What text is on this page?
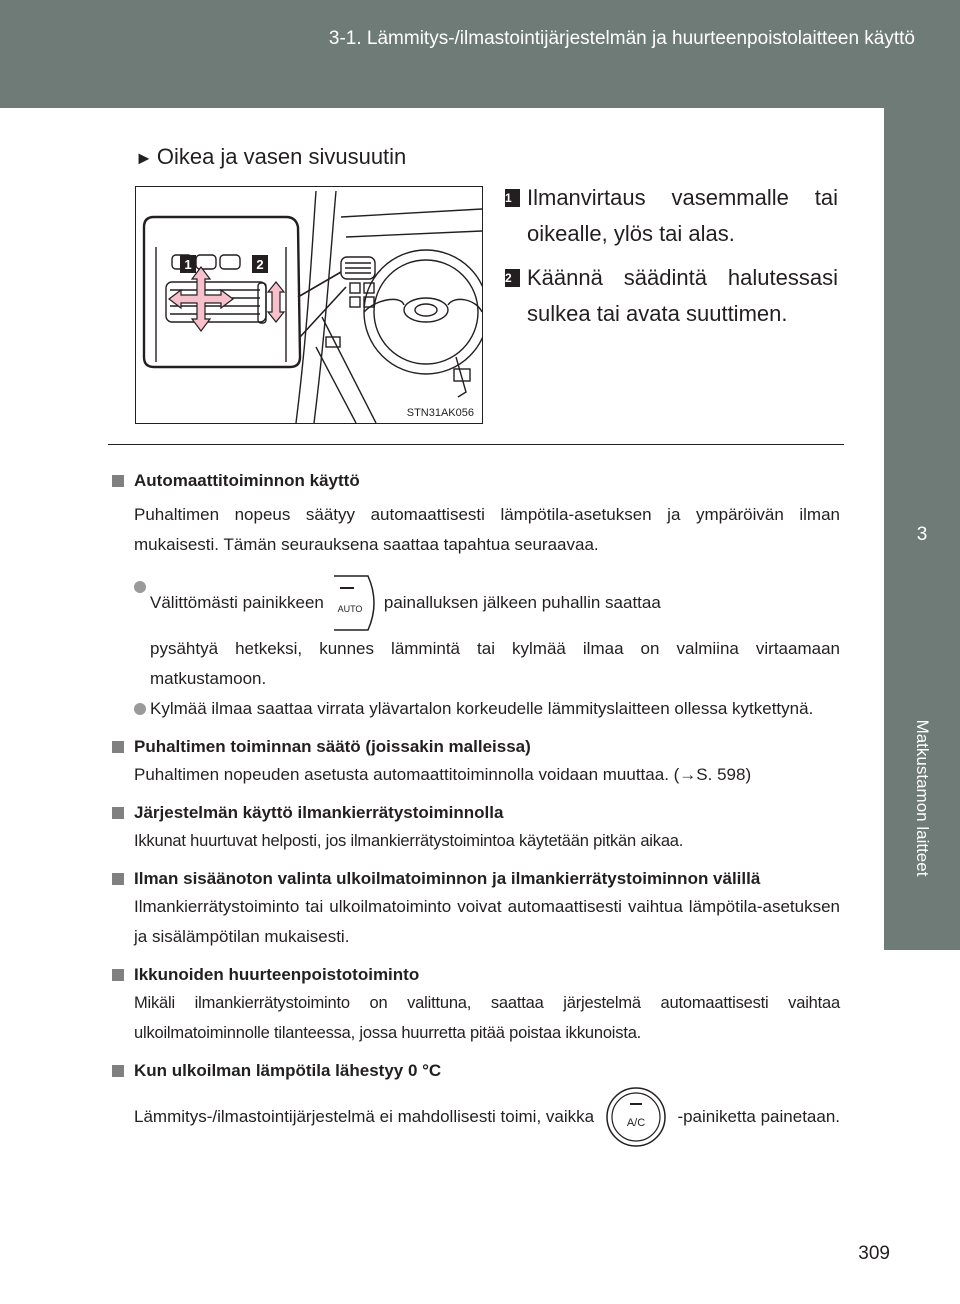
3-1. Lämmitys-/ilmastointijärjestelmän ja huurteenpoistolaitteen käyttö
3
Matkustamon laitteet
► Oikea ja vasen sivusuutin
1	2
STN31AK056
1 Ilmanvirtaus vasemmalle tai oikealle, ylös tai alas.
2 Käännä säädintä halutessasi sulkea tai avata suuttimen.
Automaattitoiminnon käyttö
Puhaltimen nopeus säätyy automaattisesti lämpötila-asetuksen ja ympäröivän ilman mukaisesti. Tämän seurauksena saattaa tapahtua seuraavaa.
Välittömästi painikkeen AUTO painalluksen jälkeen puhallin saattaa
pysähtyä hetkeksi, kunnes lämmintä tai kylmää ilmaa on valmiina virtaamaan matkustamoon.
Kylmää ilmaa saattaa virrata ylävartalon korkeudelle lämmityslaitteen ollessa kytkettynä.
Puhaltimen toiminnan säätö (joissakin malleissa)
Puhaltimen nopeuden asetusta automaattitoiminnolla voidaan muuttaa. (→S. 598)
Järjestelmän käyttö ilmankierrätystoiminnolla
Ikkunat huurtuvat helposti, jos ilmankierrätystoimintoa käytetään pitkän aikaa.
Ilman sisäänoton valinta ulkoilmatoiminnon ja ilmankierrätystoiminnon välillä
Ilmankierrätystoiminto tai ulkoilmatoiminto voivat automaattisesti vaihtua lämpötila-asetuksen ja sisälämpötilan mukaisesti.
Ikkunoiden huurteenpoistotoiminto
Mikäli ilmankierrätystoiminto on valittuna, saattaa järjestelmä automaattisesti vaihtaa ulkoilmatoiminnolle tilanteessa, jossa huurretta pitää poistaa ikkunoista.
Kun ulkoilman lämpötila lähestyy 0 °C
Lämmitys-/ilmastointijärjestelmä ei mahdollisesti toimi, vaikka	A/C -painiketta painetaan.
309
